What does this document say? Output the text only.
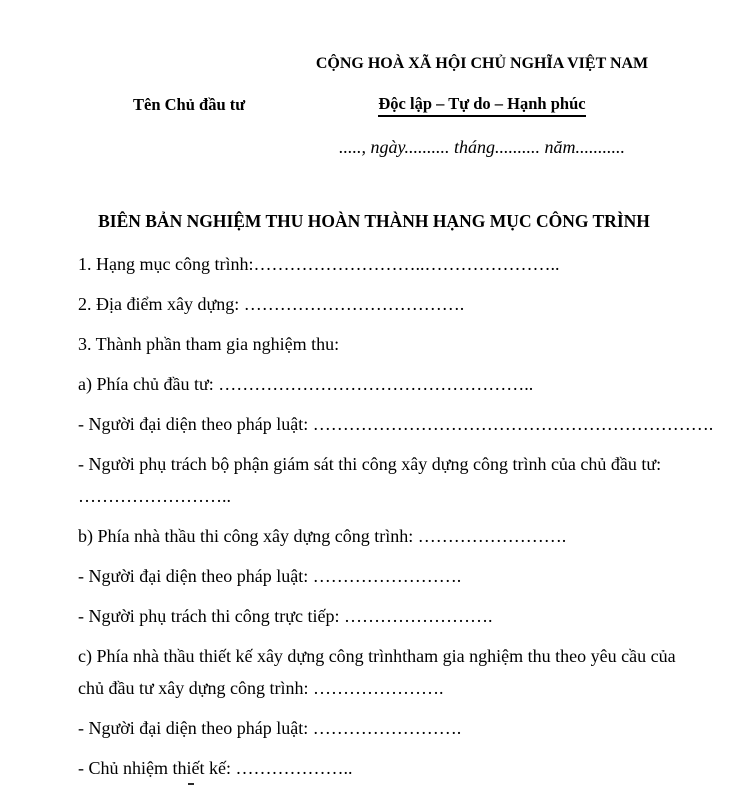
Tên Chủ đầu tư
CỘNG HOÀ XÃ HỘI CHỦ NGHĨA VIỆT NAM
Độc lập – Tự do – Hạnh phúc
....., ngày.......... tháng.......... năm...........
BIÊN BẢN NGHIỆM THU HOÀN THÀNH HẠNG MỤC CÔNG TRÌNH
1. Hạng mục công trình:………………………..…………………..
2. Địa điểm xây dựng: ……………………………….
3. Thành phần tham gia nghiệm thu:
a) Phía chủ đầu tư: ……………………………………………..
- Người đại diện theo pháp luật: ………………………………………………………….
- Người phụ trách bộ phận giám sát thi công xây dựng công trình của chủ đầu tư:
……………………..
b) Phía nhà thầu thi công xây dựng công trình: …………………….
- Người đại diện theo pháp luật: …………………….
- Người phụ trách thi công trực tiếp: …………………….
c) Phía nhà thầu thiết kế xây dựng công trìnhtham gia nghiệm thu theo yêu cầu của
chủ đầu tư xây dựng công trình: ………………….
- Người đại diện theo pháp luật: …………………….
- Chủ nhiệm thiết kế: ………………..
